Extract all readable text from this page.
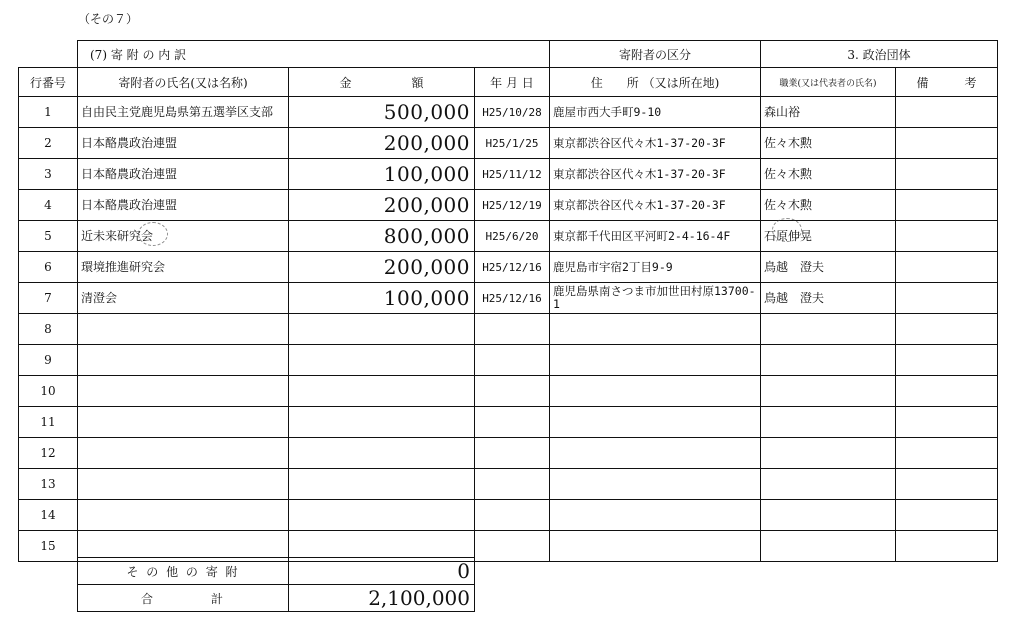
（その７）
	(7) 寄 附 の 内 訳			寄附者の区分	3. 政治団体	
行番号	寄附者の氏名(又は名称)	金　　　　　額	年 月 日	住　　所 （又は所在地)	職業(又は代表者の氏名)	備　　　考
1	自由民主党鹿児島県第五選挙区支部	500,000	H25/10/28	鹿屋市西大手町9-10	森山裕	
2	日本酪農政治連盟	200,000	H25/1/25	東京都渋谷区代々木1-37-20-3F	佐々木勲	
3	日本酪農政治連盟	100,000	H25/11/12	東京都渋谷区代々木1-37-20-3F	佐々木勲	
4	日本酪農政治連盟	200,000	H25/12/19	東京都渋谷区代々木1-37-20-3F	佐々木勲	
5	近未来研究会	800,000	H25/6/20	東京都千代田区平河町2-4-16-4F	石原伸晃	
6	環境推進研究会	200,000	H25/12/16	鹿児島市宇宿2丁目9-9	鳥越　澄夫	
7	清澄会	100,000	H25/12/16	鹿児島県南さつま市加世田村原13700-1	鳥越　澄夫	
8						
9						
10						
11						
12						
13						
14						
15						
そ の 他 の 寄 附	0
合　　　　計	2,100,000
